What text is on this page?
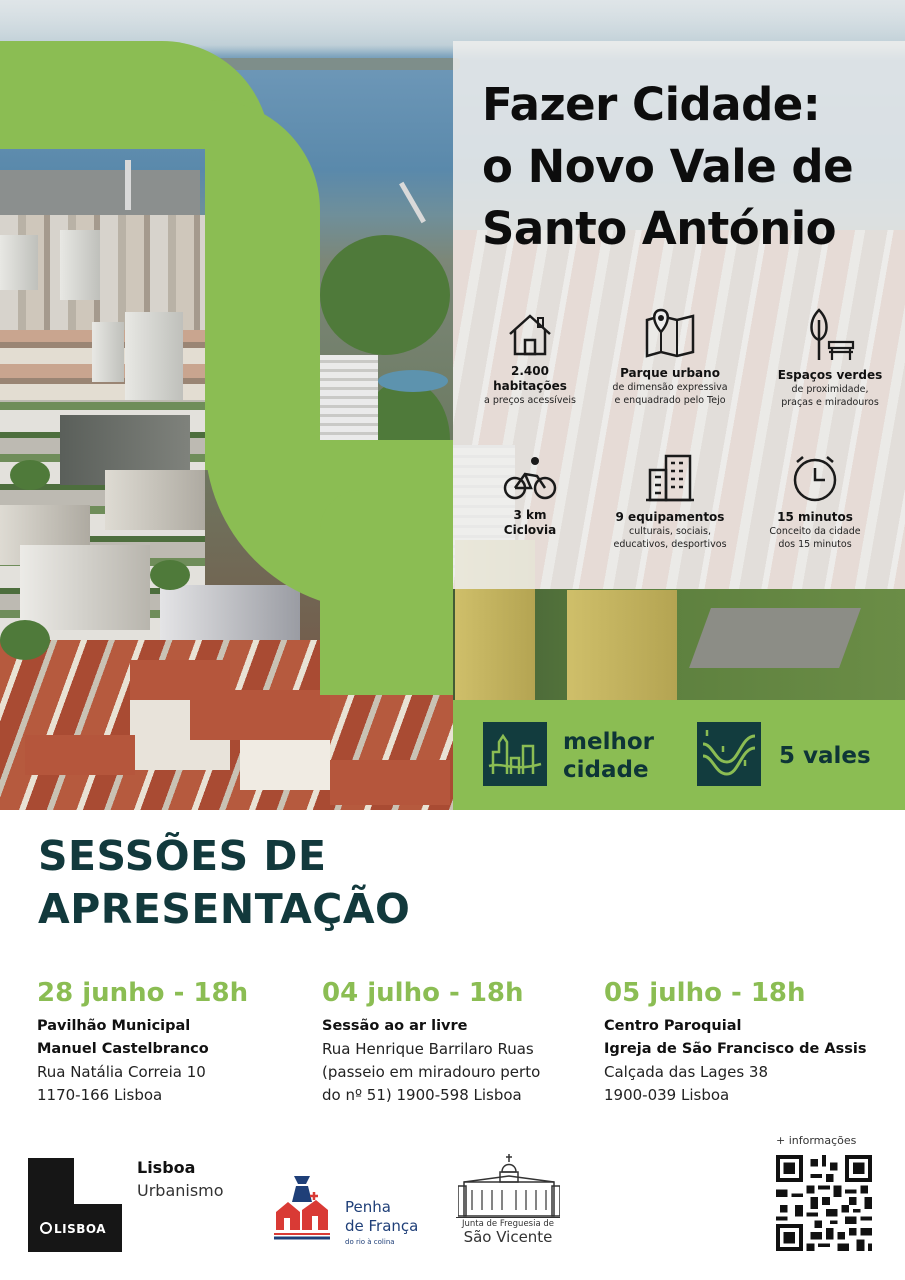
Fazer Cidade:
o Novo Vale de
Santo António
2.400
habitações
a preços acessíveis
Parque urbano
de dimensão expressiva
e enquadrado pelo Tejo
Espaços verdes
de proximidade,
praças e miradouros
3 km
Ciclovia
9 equipamentos
culturais, sociais,
educativos, desportivos
15 minutos
Conceito da cidade
dos 15 minutos
melhor
cidade
5 vales
SESSÕES DE
APRESENTAÇÃO
28 junho - 18h
Pavilhão Municipal
Manuel Castelbranco
Rua Natália Correia 10
1170-166 Lisboa
04 julho - 18h
Sessão ao ar livre
Rua Henrique Barrilaro Ruas
(passeio em miradouro perto
do nº 51) 1900-598 Lisboa
05 julho - 18h
Centro Paroquial
Igreja de São Francisco de Assis
Calçada das Lages 38
1900-039 Lisboa
LISBOA
Lisboa
Urbanismo
Penha
de França
do rio à colina
Junta de Freguesia de
São Vicente
+ informações
